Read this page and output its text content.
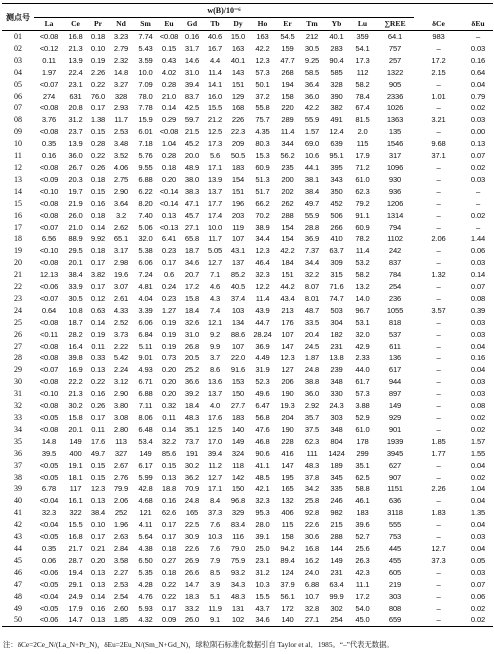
测点号	w(B)/10⁻⁶																	
	La	Ce	Pr	Nd	Sm	Eu	Gd	Tb	Dy	Ho	Er	Tm	Yb	Lu	∑REE	δCe	δEu	
01	<0.08	16.8	0.18	3.23	7.74	<0.08	0.16	40.6	15.0	163	54.5	212	40.1	359	64.1	983	–	
02	<0.12	21.3	0.10	2.79	5.43	0.15	31.7	16.7	163	42.2	159	30.5	283	54.1	757	–	0.03	
03	0.11	13.9	0.19	2.32	3.59	0.43	14.6	4.4	40.1	12.3	47.7	9.25	90.4	17.3	257	17.2	0.16	
04	1.97	22.4	2.26	14.8	10.0	4.02	31.0	11.4	143	57.3	268	58.5	585	112	1322	2.15	0.64	
05	<0.07	23.1	0.22	3.27	7.09	0.28	39.4	14.1	151	50.1	194	36.4	328	58.2	905	–	0.04	
06	274	631	76.0	328	78.0	21.0	83.7	16.0	129	37.2	158	36.0	390	78.4	2336	1.01	0.79	
07	<0.08	20.8	0.17	2.93	7.78	0.14	42.5	15.5	168	55.8	220	42.2	382	67.4	1026	–	0.02	
08	3.76	31.2	1.38	11.7	15.9	0.29	59.7	21.2	226	75.7	289	55.9	491	81.5	1363	3.21	0.03	
09	<0.08	23.7	0.15	2.53	6.01	<0.08	21.5	12.5	22.3	4.35	11.4	1.57	12.4	2.0	135	–	0.00	
10	0.35	13.9	0.28	3.48	7.18	1.04	45.2	17.3	209	80.3	344	69.0	639	115	1546	9.68	0.13	
11	0.16	36.0	0.22	3.52	5.76	0.28	20.0	5.6	50.5	15.3	56.2	10.6	95.1	17.9	317	37.1	0.07	
12	<0.08	26.7	0.26	4.06	9.55	0.18	48.9	17.1	183	60.9	235	44.1	395	71.2	1096	–	0.02	
13	<0.09	20.3	0.18	2.75	6.88	0.20	38.0	13.9	154	51.3	200	38.1	343	61.0	930	–	0.03	
14	<0.10	19.7	0.15	2.90	6.22	<0.14	38.3	13.7	151	51.7	202	38.4	350	62.3	936	–	–	
15	<0.08	21.9	0.16	3.64	8.20	<0.14	47.1	17.7	196	66.2	262	49.7	452	79.2	1206	–	–	
16	<0.08	26.0	0.18	3.2	7.40	0.13	45.7	17.4	203	70.2	288	55.9	506	91.1	1314	–	0.02	
17	<0.07	21.0	0.14	2.62	5.06	<0.13	27.1	10.0	119	38.9	154	28.8	266	60.9	794	–	–	
18	6.56	88.9	9.92	65.1	32.0	6.41	65.8	11.7	107	34.4	154	36.9	410	78.2	1102	2.06	1.44	
19	<0.10	29.5	0.18	3.17	5.38	0.23	18.7	5.05	43.1	12.3	42.2	7.37	63.7	11.4	242	–	0.06	
20	<0.08	20.1	0.17	2.98	6.06	0.17	34.6	12.7	137	46.4	184	34.4	309	53.2	837	–	0.03	
21	12.13	38.4	3.82	19.6	7.24	0.6	20.7	7.1	85.2	32.3	151	32.2	315	58.2	784	1.32	0.14	
22	<0.06	33.9	0.17	3.07	4.81	0.24	17.2	4.6	40.5	12.2	44.2	8.07	71.6	13.2	254	–	0.07	
23	<0.07	30.5	0.12	2.61	4.04	0.23	15.8	4.3	37.4	11.4	43.4	8.01	74.7	14.0	236	–	0.08	
24	0.64	10.8	0.63	4.33	3.39	1.27	18.4	7.4	103	43.9	213	48.7	503	96.7	1055	3.57	0.39	
25	<0.08	18.7	0.14	2.52	6.06	0.19	32.6	12.1	134	44.7	176	33.5	304	53.1	818	–	0.03	
26	<0.11	28.2	0.19	3.73	6.84	0.19	31.0	9.2	88.6	28.24	107	20.4	182	32.0	537	–	0.03	
27	<0.08	16.4	0.11	2.22	5.11	0.19	26.8	9.9	107	36.9	147	24.5	231	42.9	611	–	0.04	
28	<0.08	39.8	0.33	5.42	9.01	0.73	20.5	3.7	22.0	4.49	12.3	1.87	13.8	2.33	136	–	0.16	
29	<0.07	16.9	0.13	2.24	4.93	0.20	25.2	8.6	91.6	31.9	127	24.8	239	44.0	617	–	0.04	
30	<0.08	22.2	0.22	3.12	6.71	0.20	36.6	13.6	153	52.3	206	38.8	348	61.7	944	–	0.03	
31	<0.10	21.3	0.16	2.90	6.88	0.20	39.2	13.7	150	49.6	190	36.0	330	57.3	897	–	0.03	
32	<0.08	30.2	0.26	3.80	7.11	0.32	18.4	4.0	27.7	6.47	19.3	2.92	24.3	3.88	149	–	0.08	
33	<0.05	15.8	0.17	3.08	8.06	0.11	48.3	17.6	183	56.8	204	35.7	303	52.9	929	–	0.02	
34	<0.08	20.1	0.11	2.80	6.48	0.14	35.1	12.5	140	47.6	190	37.5	348	61.0	901	–	0.02	
35	14.8	149	17.6	113	53.4	32.2	73.7	17.0	149	46.8	228	62.3	804	178	1939	1.85	1.57	
36	39.5	400	49.7	327	149	85.6	191	39.4	324	90.6	416	111	1424	299	3945	1.77	1.55	
37	<0.05	19.1	0.15	2.67	6.17	0.15	30.2	11.2	118	41.1	147	48.3	189	35.1	627	–	0.04	
38	<0.05	18.1	0.15	2.76	5.99	0.13	36.2	12.7	142	48.5	195	37.8	345	62.5	907	–	0.02	
39	6.78	117	12.3	79.9	42.8	18.8	70.9	17.1	150	42.1	165	34.2	335	58.8	1151	2.26	1.04	
40	<0.04	16.1	0.13	2.06	4.68	0.16	24.8	8.4	96.8	32.3	132	25.8	246	46.1	636	–	0.04	
41	32.3	322	38.4	252	121	62.6	165	37.3	329	95.3	406	92.8	982	183	3118	1.83	1.35	
42	<0.04	15.5	0.10	1.96	4.11	0.17	22.5	7.6	83.4	28.0	115	22.6	215	39.6	555	–	0.04	
43	<0.05	16.8	0.17	2.63	5.64	0.17	30.9	10.3	116	39.1	158	30.6	288	52.7	753	–	0.03	
44	0.35	21.7	0.21	2.84	4.38	0.18	22.6	7.6	79.0	25.0	94.2	16.8	144	25.6	445	12.7	0.04	
45	0.06	28.7	0.20	3.58	6.50	0.27	26.9	7.9	75.9	23.1	89.4	16.2	149	26.3	455	37.3	0.05	
46	<0.06	19.4	0.13	2.27	5.35	0.18	26.6	8.5	93.2	31.2	124	24.0	231	42.3	605	–	0.03	
47	<0.05	29.1	0.13	2.53	4.28	0.22	14.7	3.9	34.3	10.3	37.9	6.88	63.4	11.1	219	–	0.07	
48	<0.04	24.9	0.14	2.54	4.76	0.22	18.3	5.1	48.3	15.5	56.1	10.7	99.9	17.2	303	–	0.06	
49	<0.05	17.9	0.16	2.60	5.93	0.17	33.2	11.9	131	43.7	172	32.8	302	54.0	808	–	0.02	
50	<0.06	14.7	0.13	1.85	4.32	0.09	26.0	9.1	102	34.6	140	27.1	254	45.0	659	–	0.02	
注：δCe=2Ce_N/(La_N+Pr_N)，δEu=2Eu_N/(Sm_N+Gd_N)，球粒陨石标准化数据引自 Taylor et al．1985。“–”代表无数据。
